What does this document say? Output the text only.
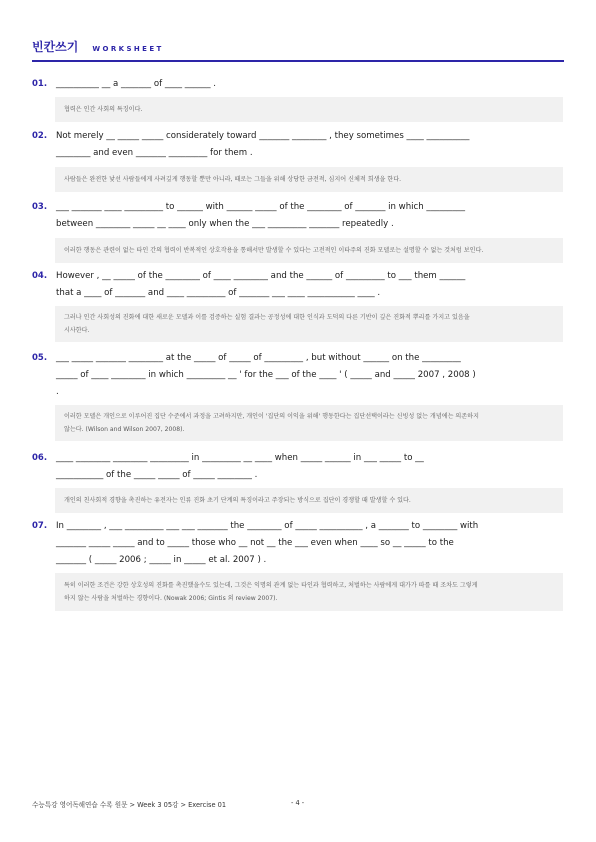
빈칸쓰기 WORKSHEET
01. __________ __ a _______ of ____ ______ .
협력은 인간 사회의 특징이다.
02. Not merely __ _____ _____ considerately toward _______ ________ , they sometimes ____ __________
________ and even _______ _________ for them .
사람들은 완전한 낯선 사람들에게 사려깊게 행동할 뿐만 아니라, 때로는 그들을 위해 상당한 금전적, 심지어 신체적 희생을 한다.
03. ___ _______ ____ _________ to ______ with ______ _____ of the ________ of _______ in which _________
between ________ _____ __ ____ only when the ___ _________ _______ repeatedly .
이러한 행동은 관련이 없는 타인 간의 협력이 반복적인 상호작용을 통해서만 발생할 수 있다는 고전적인 이타주의 진화 모델로는 설명할 수 없는 것처럼 보인다.
04. However , __ _____ of the ________ of ____ ________ and the ______ of _________ to ___ them ______
that a ____ of _______ and ____ _________ of _______ ___ ____ ___________ ____ .
그러나 인간 사회성의 진화에 대한 새로운 모델과 이를 검증하는 실험 결과는 공정성에 대한 인식과 도덕의 다른 기반이 깊은 진화적 뿌리를 가지고 있음을
시사한다.
05. ___ _____ _______ ________ at the _____ of _____ of _________ , but without ______ on the _________
_____ of ____ ________ in which _________ __ ' for the ___ of the ____ ' ( _____ and _____ 2007 , 2008 )
.
이러한 모델은 개인으로 이루어진 집단 수준에서 과정을 고려하지만, 개인이 '집단의 이익을 위해' 행동한다는 집단선택이라는 신빙성 없는 개념에는 의존하지
않는다. (Wilson and Wilson 2007, 2008).
06. ____ ________ ________ _________ in _________ __ ____ when _____ ______ in ___ _____ to __
___________ of the _____ _____ of _____ ________ .
개인의 친사회적 경향을 촉진하는 유전자는 인류 진화 초기 단계의 특징이라고 주장되는 방식으로 집단이 경쟁할 때 발생할 수 있다.
07. In ________ , ___ _________ ___ ___ _______ the ________ of _____ __________ , a _______ to ________ with
_______ _____ _____ and to _____ those who __ not __ the ___ even when ____ so __ _____ to the
_______ ( _____ 2006 ; _____ in _____ et al. 2007 ) .
특히 이러한 조건은 강한 상호성의 진화를 촉진했을수도 있는데, 그것은 익명의 관계 없는 타인과 협력하고, 처벌하는 사람에게 대가가 따를 때 조차도 그렇게
하지 않는 사람을 처벌하는 경향이다. (Nowak 2006; Gintis 외 review 2007).
수능특강 영어독해연습 수록 원문 > Week 3 05강 > Exercise 01	- 4 -
